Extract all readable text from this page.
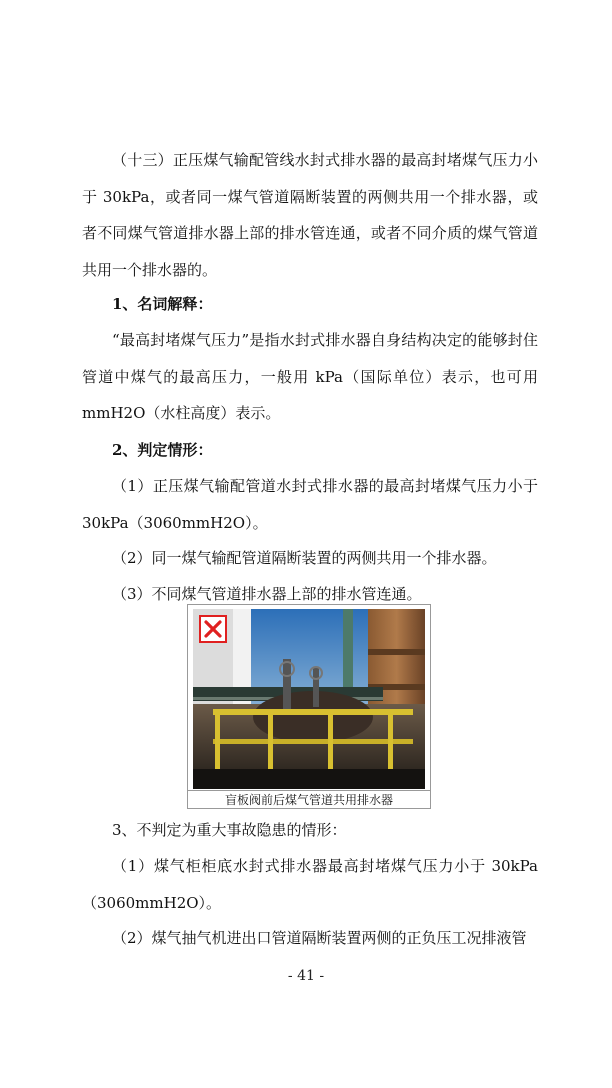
（十三）正压煤气输配管线水封式排水器的最高封堵煤气压力小于 30kPa，或者同一煤气管道隔断装置的两侧共用一个排水器，或者不同煤气管道排水器上部的排水管连通，或者不同介质的煤气管道共用一个排水器的。

1、名词解释：

“最高封堵煤气压力”是指水封式排水器自身结构决定的能够封住管道中煤气的最高压力，一般用 kPa（国际单位）表示，也可用 mmH2O（水柱高度）表示。

2、判定情形：

（1）正压煤气输配管道水封式排水器的最高封堵煤气压力小于 30kPa（3060mmH2O）。

（2）同一煤气输配管道隔断装置的两侧共用一个排水器。

（3）不同煤气管道排水器上部的排水管连通。

盲板阀前后煤气管道共用排水器

3、不判定为重大事故隐患的情形：

（1）煤气柜柜底水封式排水器最高封堵煤气压力小于 30kPa（3060mmH2O）。

（2）煤气抽气机进出口管道隔断装置两侧的正负压工况排液管

- 41 -
